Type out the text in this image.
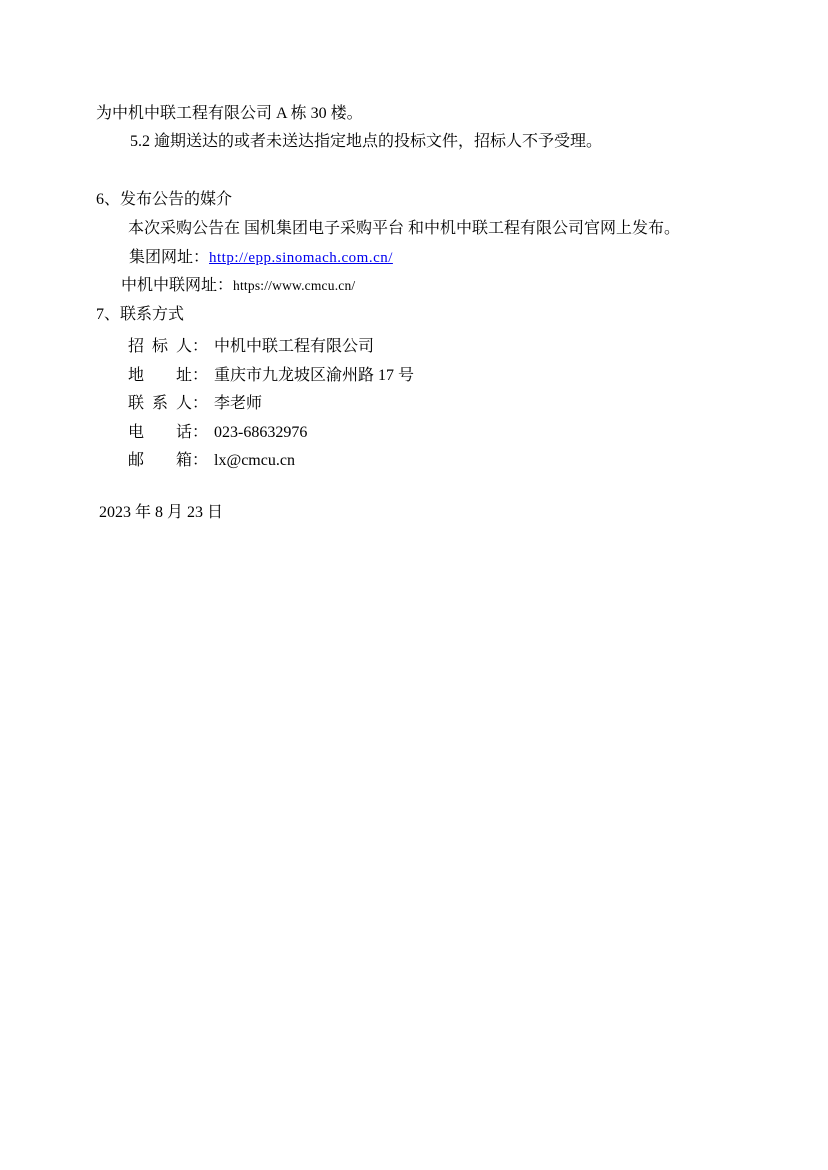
为中机中联工程有限公司 A 栋 30 楼。
5.2 逾期送达的或者未送达指定地点的投标文件，招标人不予受理。
6、发布公告的媒介
本次采购公告在 国机集团电子采购平台 和中机中联工程有限公司官网上发布。
集团网址：http://epp.sinomach.com.cn/
中机中联网址：https://www.cmcu.cn/
7、联系方式
招标人： 中机中联工程有限公司
地址： 重庆市九龙坡区渝州路 17 号
联系人： 李老师
电话： 023-68632976
邮箱： lx@cmcu.cn
2023 年 8 月 23 日
